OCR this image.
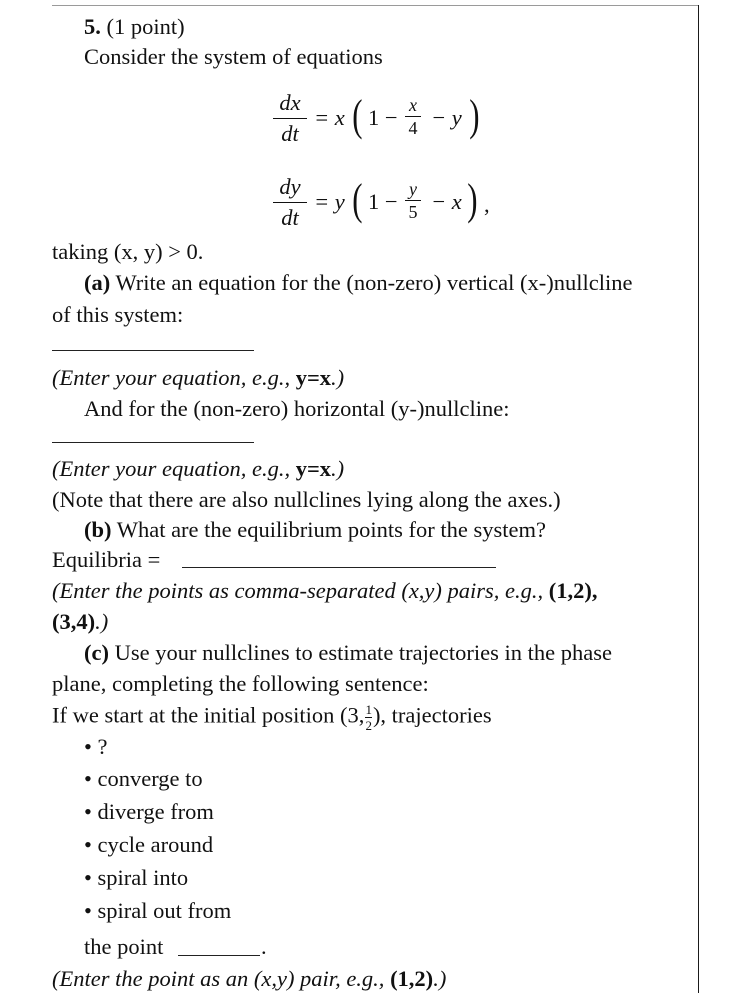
5. (1 point)
Consider the system of equations
dx
dt
= x ( 1 − x
4 − y )
dy
dt
= y ( 1 − y
5 − x ) ,
taking (x, y) > 0.
(a) Write an equation for the (non-zero) vertical (x-)nullcline
of this system:
(Enter your equation, e.g., y=x.)
And for the (non-zero) horizontal (y-)nullcline:
(Enter your equation, e.g., y=x.)
(Note that there are also nullclines lying along the axes.)
(b) What are the equilibrium points for the system?
Equilibria =
(Enter the points as comma-separated (x,y) pairs, e.g., (1,2),
(3,4).)
(c) Use your nullclines to estimate trajectories in the phase
plane, completing the following sentence:
If we start at the initial position (3, $\frac{1}{2}$ ), trajectories
• ?
• converge to
• diverge from
• cycle around
• spiral into
• spiral out from
the point	.
(Enter the point as an (x,y) pair, e.g., (1,2).)
